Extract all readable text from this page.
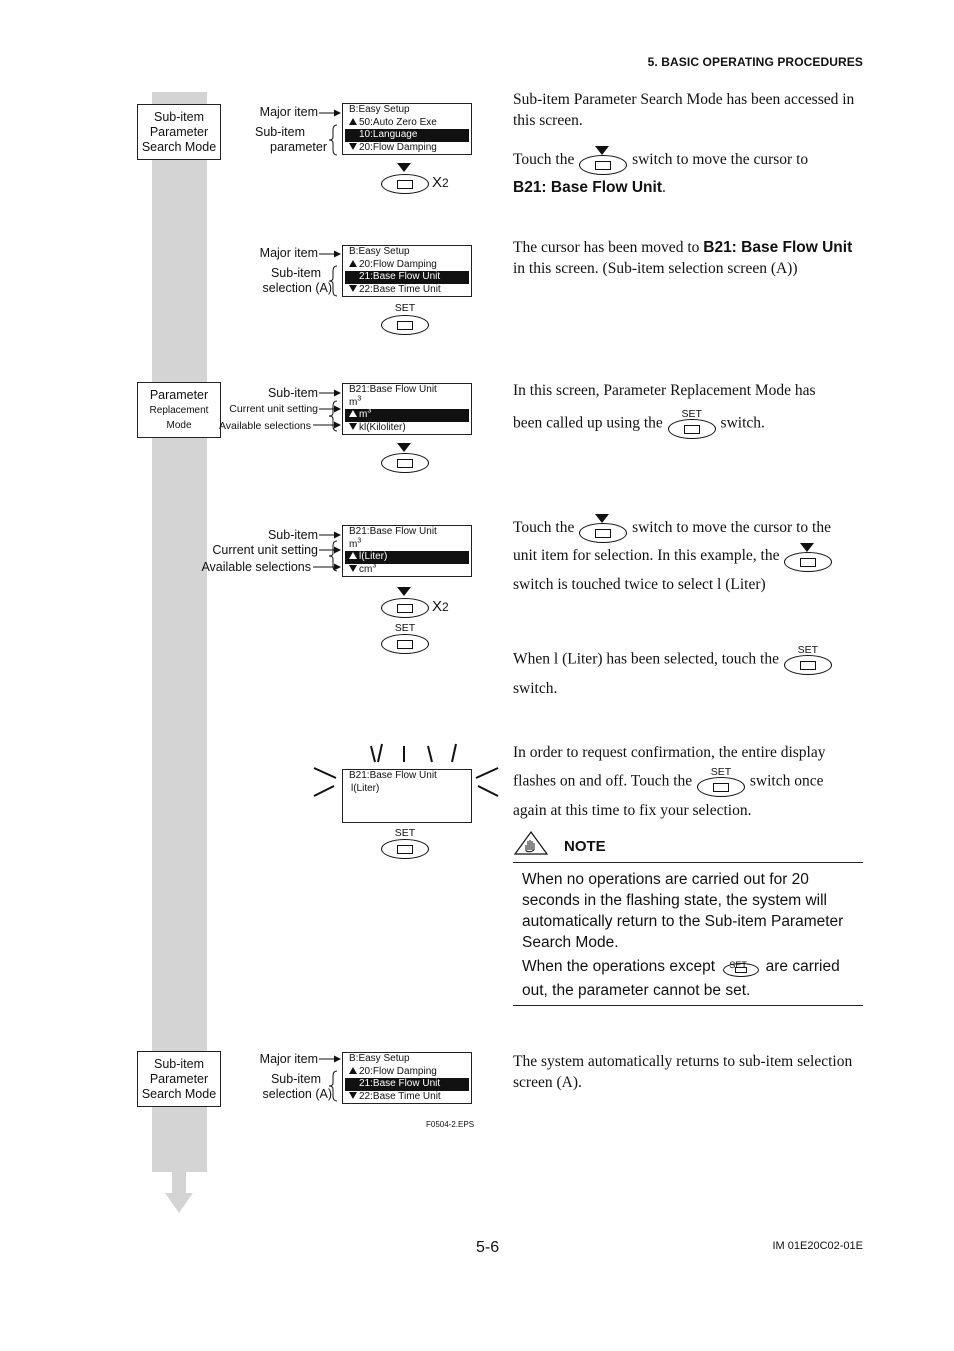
5. BASIC OPERATING PROCEDURES
Sub-item
Parameter
Search Mode
Parameter
Replacement Mode
Sub-item
Parameter
Search Mode
Major item
Sub-item
parameter
B:Easy Setup
50:Auto Zero Exe
10:Language
20:Flow Damping
X2
Major item
Sub-item
selection (A)
B:Easy Setup
20:Flow Damping
21:Base Flow Unit
22:Base Time Unit
SET
Sub-item
Current unit setting
Available selections
B21:Base Flow Unit
$m^3$
$m^3$
kl(Kiloliter)
Sub-item
Current unit setting
Available selections
B21:Base Flow Unit
$m^3$
l(Liter)
$cm^3$
X2
SET
B21:Base Flow Unit
l(Liter)
SET
Major item
Sub-item
selection (A)
B:Easy Setup
20:Flow Damping
21:Base Flow Unit
22:Base Time Unit
F0504-2.EPS
Sub-item Parameter Search Mode has been accessed in this screen.
Touch the	switch to move the cursor to
B21: Base Flow Unit.
The cursor has been moved to B21: Base Flow Unit in this screen. (Sub-item selection screen (A))
In this screen, Parameter Replacement Mode has
been called up using the
SET
switch.
Touch the	switch to move the cursor to the
unit item for selection. In this example, the

switch is touched twice to select l (Liter)
When l (Liter) has been selected, touch the
SET

switch.
In order to request confirmation, the entire display
flashes on and off. Touch the
SET
switch once
again at this time to fix your selection.
NOTE
When no operations are carried out for 20 seconds in the flashing state, the system will automatically return to the Sub-item Parameter Search Mode.
When the operations except SET are carried
out, the parameter cannot be set.
The system automatically returns to sub-item selection screen (A).
5-6	IM 01E20C02-01E
